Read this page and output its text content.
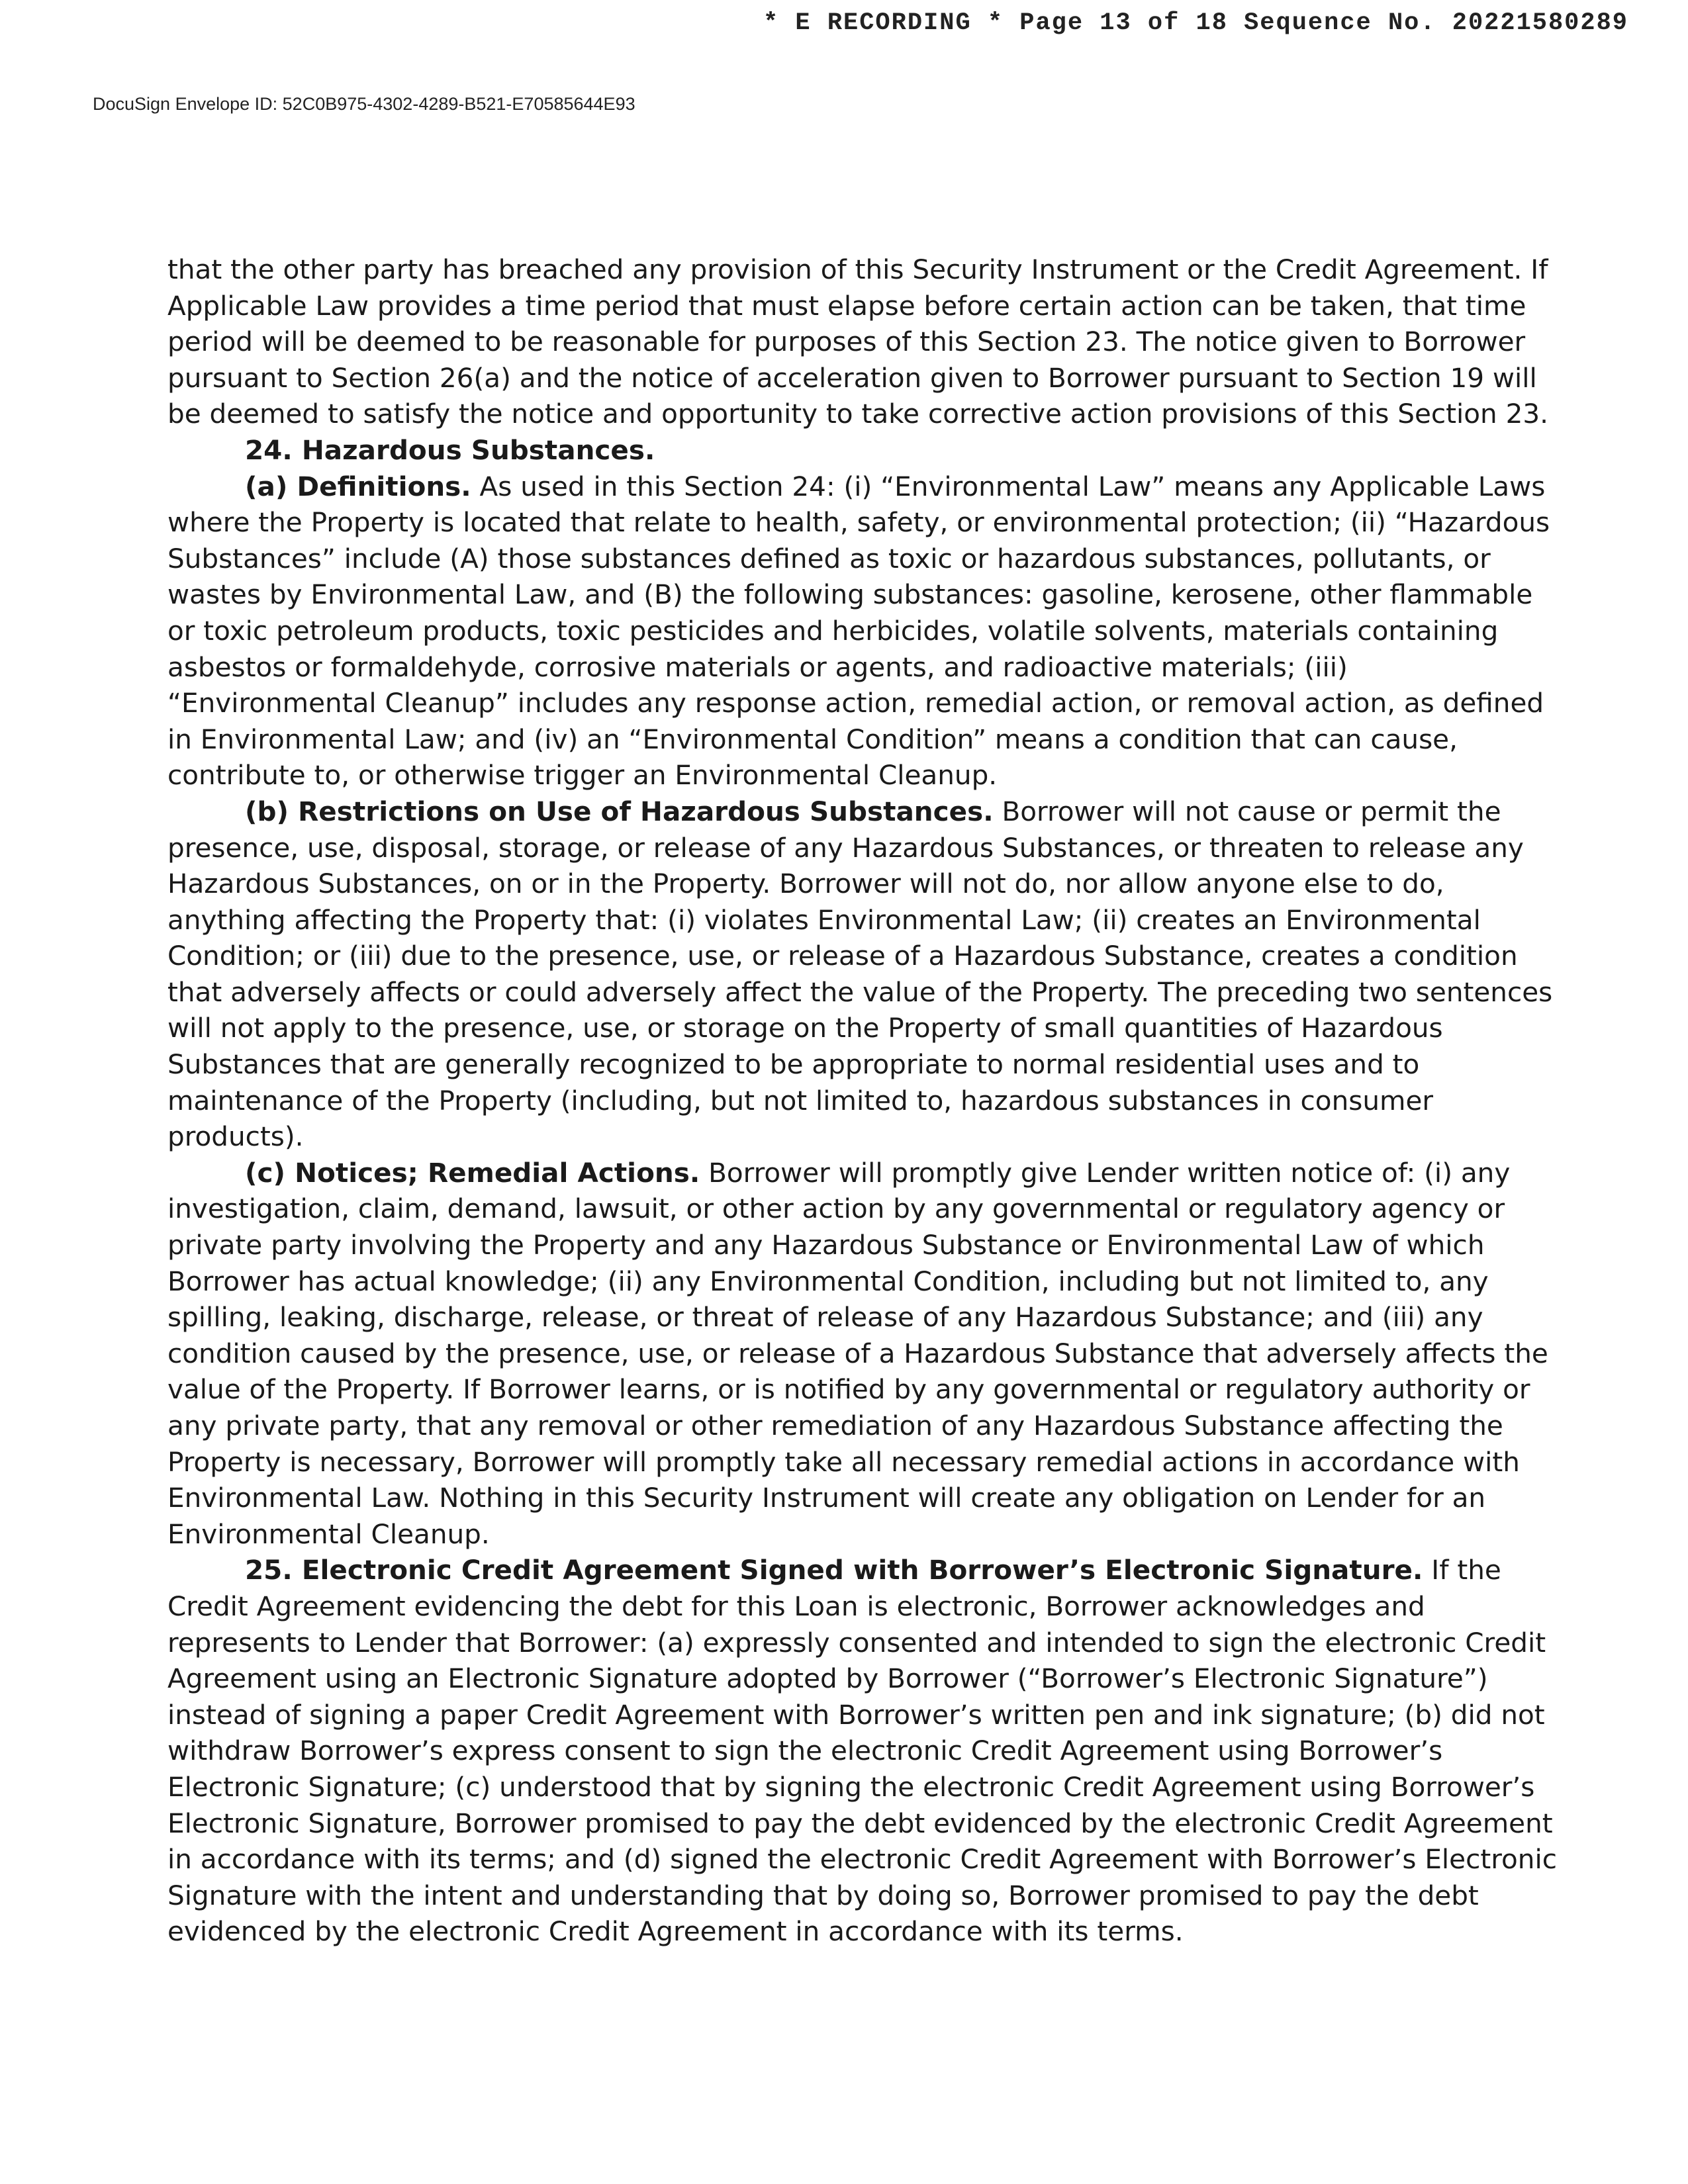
* E RECORDING * Page 13 of 18 Sequence No. 20221580289
DocuSign Envelope ID: 52C0B975-4302-4289-B521-E70585644E93

that the other party has breached any provision of this Security Instrument or the Credit Agreement. If Applicable Law provides a time period that must elapse before certain action can be taken, that time period will be deemed to be reasonable for purposes of this Section 23. The notice given to Borrower pursuant to Section 26(a) and the notice of acceleration given to Borrower pursuant to Section 19 will be deemed to satisfy the notice and opportunity to take corrective action provisions of this Section 23.

24. Hazardous Substances.

(a) Definitions. As used in this Section 24: (i) “Environmental Law” means any Applicable Laws where the Property is located that relate to health, safety, or environmental protection; (ii) “Hazardous Substances” include (A) those substances defined as toxic or hazardous substances, pollutants, or wastes by Environmental Law, and (B) the following substances: gasoline, kerosene, other flammable or toxic petroleum products, toxic pesticides and herbicides, volatile solvents, materials containing asbestos or formaldehyde, corrosive materials or agents, and radioactive materials; (iii) “Environmental Cleanup” includes any response action, remedial action, or removal action, as defined in Environmental Law; and (iv) an “Environmental Condition” means a condition that can cause, contribute to, or otherwise trigger an Environmental Cleanup.

(b) Restrictions on Use of Hazardous Substances. Borrower will not cause or permit the presence, use, disposal, storage, or release of any Hazardous Substances, or threaten to release any Hazardous Substances, on or in the Property. Borrower will not do, nor allow anyone else to do, anything affecting the Property that: (i) violates Environmental Law; (ii) creates an Environmental Condition; or (iii) due to the presence, use, or release of a Hazardous Substance, creates a condition that adversely affects or could adversely affect the value of the Property. The preceding two sentences will not apply to the presence, use, or storage on the Property of small quantities of Hazardous Substances that are generally recognized to be appropriate to normal residential uses and to maintenance of the Property (including, but not limited to, hazardous substances in consumer products).

(c) Notices; Remedial Actions. Borrower will promptly give Lender written notice of: (i) any investigation, claim, demand, lawsuit, or other action by any governmental or regulatory agency or private party involving the Property and any Hazardous Substance or Environmental Law of which Borrower has actual knowledge; (ii) any Environmental Condition, including but not limited to, any spilling, leaking, discharge, release, or threat of release of any Hazardous Substance; and (iii) any condition caused by the presence, use, or release of a Hazardous Substance that adversely affects the value of the Property. If Borrower learns, or is notified by any governmental or regulatory authority or any private party, that any removal or other remediation of any Hazardous Substance affecting the Property is necessary, Borrower will promptly take all necessary remedial actions in accordance with Environmental Law. Nothing in this Security Instrument will create any obligation on Lender for an Environmental Cleanup.

25. Electronic Credit Agreement Signed with Borrower’s Electronic Signature. If the Credit Agreement evidencing the debt for this Loan is electronic, Borrower acknowledges and represents to Lender that Borrower: (a) expressly consented and intended to sign the electronic Credit Agreement using an Electronic Signature adopted by Borrower (“Borrower’s Electronic Signature”) instead of signing a paper Credit Agreement with Borrower’s written pen and ink signature; (b) did not withdraw Borrower’s express consent to sign the electronic Credit Agreement using Borrower’s Electronic Signature; (c) understood that by signing the electronic Credit Agreement using Borrower’s Electronic Signature, Borrower promised to pay the debt evidenced by the electronic Credit Agreement in accordance with its terms; and (d) signed the electronic Credit Agreement with Borrower’s Electronic Signature with the intent and understanding that by doing so, Borrower promised to pay the debt evidenced by the electronic Credit Agreement in accordance with its terms.
